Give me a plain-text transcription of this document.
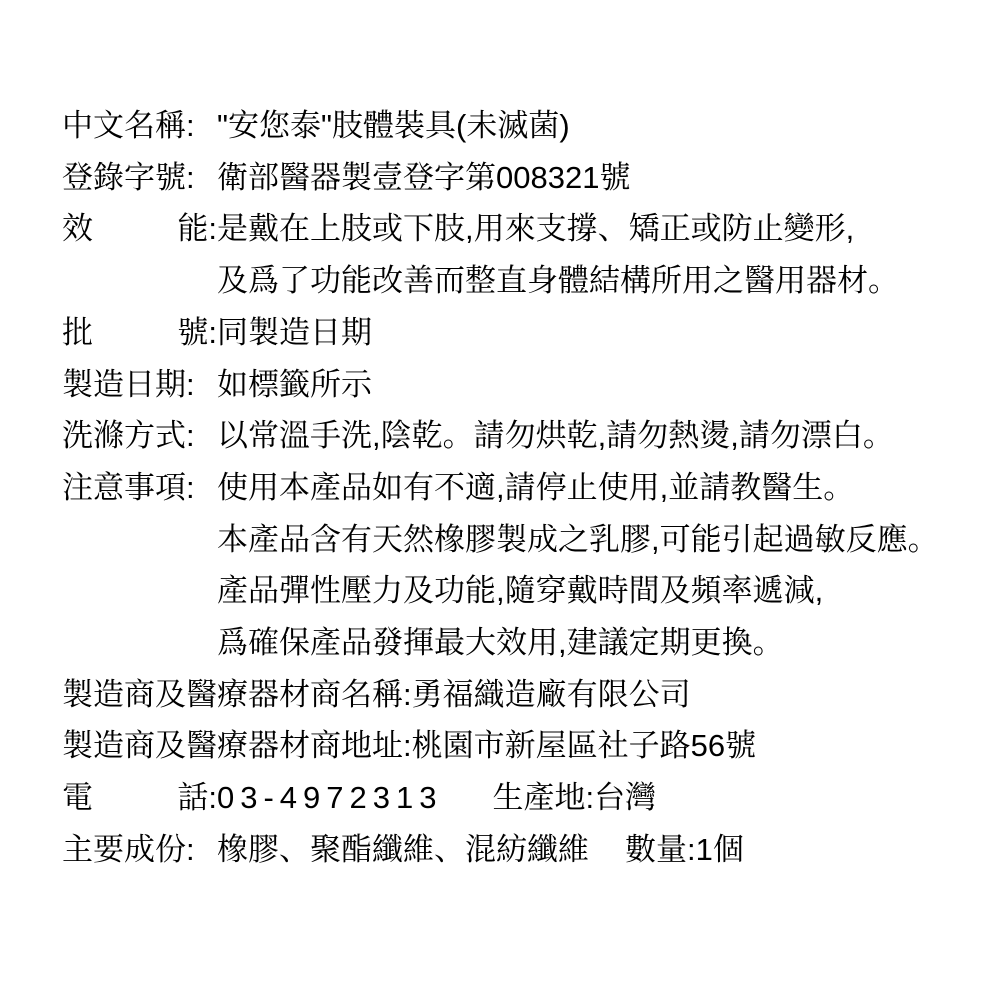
中文名稱 : "安您泰"肢體裝具(未滅菌)
登錄字號 : 衛部醫器製壹登字第008321號
效	能 : 是戴在上肢或下肢,用來支撐、矯正或防止變形,
及爲了功能改善而整直身體結構所用之醫用器材。
批	號 : 同製造日期
製造日期 : 如標籤所示
洗滌方式 : 以常溫手洗,陰乾。請勿烘乾,請勿熱燙,請勿漂白。
注意事項 : 使用本產品如有不適,請停止使用,並請教醫生。
本產品含有天然橡膠製成之乳膠,可能引起過敏反應。
產品彈性壓力及功能,隨穿戴時間及頻率遞減,
爲確保產品發揮最大效用,建議定期更換。
製造商及醫療器材商名稱 : 勇福織造廠有限公司
製造商及醫療器材商地址 : 桃園市新屋區社子路56號
電	話 : 03-4972313 生產地 : 台灣
主要成份 : 橡膠、聚酯纖維、混紡纖維 數量 : 1個
